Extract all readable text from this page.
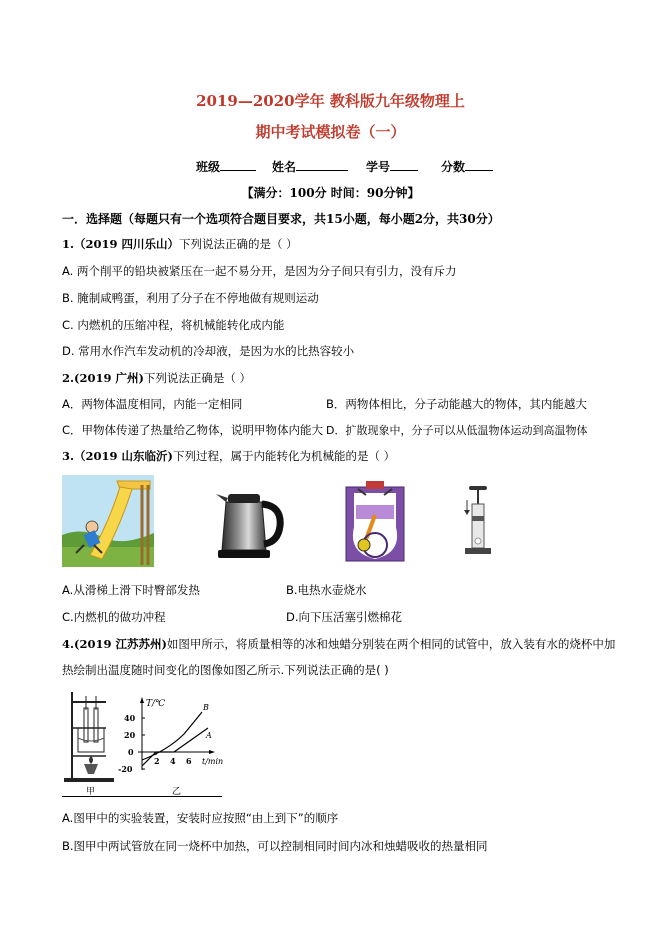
2019—2020学年 教科版九年级物理上
期中考试模拟卷（一）
班级	姓名	学号	分数
【满分：100分 时间：90分钟】
一．选择题（每题只有一个选项符合题目要求，共15小题，每小题2分，共30分）
1.（2019 四川乐山）下列说法正确的是（ ）
A. 两个削平的铅块被紧压在一起不易分开，是因为分子间只有引力，没有斥力
B. 腌制咸鸭蛋，利用了分子在不停地做有规则运动
C. 内燃机的压缩冲程，将机械能转化成内能
D. 常用水作汽车发动机的冷却液，是因为水的比热容较小
2.(2019 广州)下列说法正确是（ ）
A．两物体温度相同，内能一定相同	B．两物体相比，分子动能越大的物体，其内能越大
C．甲物体传递了热量给乙物体，说明甲物体内能大 D．扩散现象中，分子可以从低温物体运动到高温物体
3.（2019 山东临沂)下列过程，属于内能转化为机械能的是（ ）
A.从滑梯上滑下时臀部发热	B.电热水壶烧水
C.内燃机的做功冲程	D.向下压活塞引燃棉花
4.(2019 江苏苏州)如图甲所示，将质量相等的冰和烛蜡分别装在两个相同的试管中，放入装有水的烧杯中加
热绘制出温度随时间变化的图像如图乙所示.下列说法正确的是( )
T/℃
t/min
40
20
0
-20
2 4 6
B
A
甲	乙
A.图甲中的实验装置，安装时应按照“由上到下”的顺序
B.图甲中两试管放在同一烧杯中加热，可以控制相同时间内冰和烛蜡吸收的热量相同
